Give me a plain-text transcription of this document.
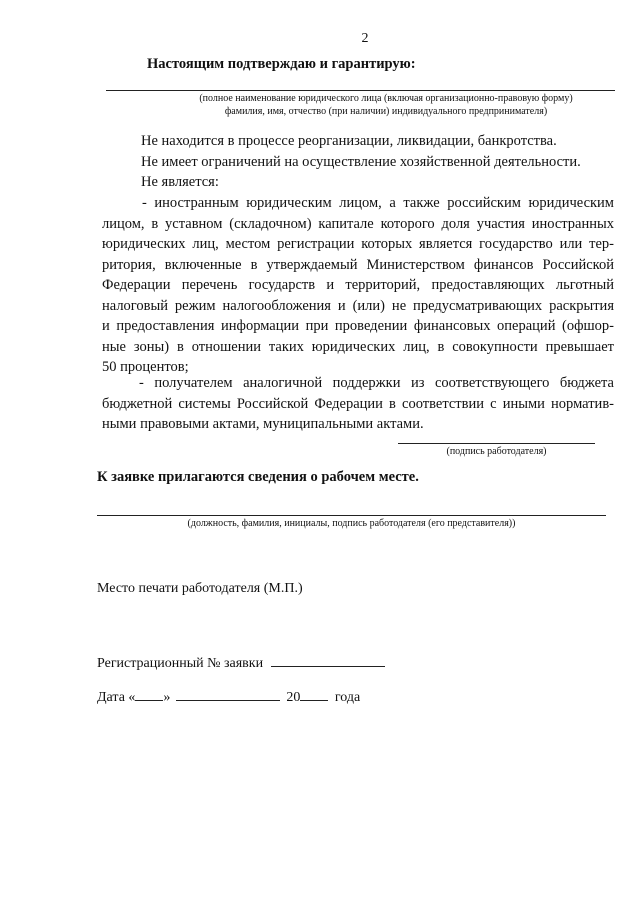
2
Настоящим подтверждаю и гарантирую:
(полное наименование юридического лица (включая организационно-правовую форму)
фамилия, имя, отчество (при наличии) индивидуального предпринимателя)
Не находится в процессе реорганизации, ликвидации, банкротства.
Не имеет ограничений на осуществление хозяйственной деятельности.
Не является:
- иностранным юридическим лицом, а также российским юридическим
лицом, в уставном (складочном) капитале которого доля участия иностранных
юридических лиц, местом регистрации которых является государство или тер-
ритория, включенные в утверждаемый Министерством финансов Российской
Федерации перечень государств и территорий, предоставляющих льготный
налоговый режим налогообложения и (или) не предусматривающих раскрытия
и предоставления информации при проведении финансовых операций (офшор-
ные зоны) в отношении таких юридических лиц, в совокупности превышает
50 процентов;
- получателем аналогичной поддержки из соответствующего бюджета
бюджетной системы Российской Федерации в соответствии с иными норматив-
ными правовыми актами, муниципальными актами.
(подпись работодателя)
К заявке прилагаются сведения о рабочем месте.
(должность, фамилия, инициалы, подпись работодателя (его представителя))
Место печати работодателя (М.П.)
Регистрационный № заявки
Дата « »	20 года
